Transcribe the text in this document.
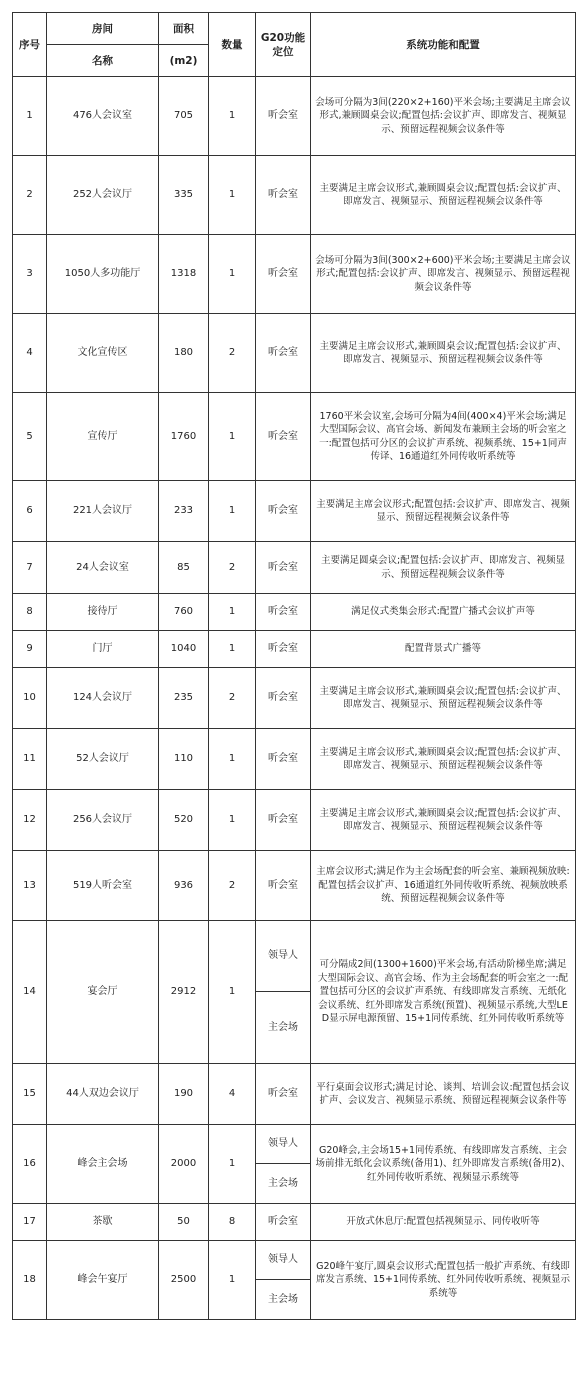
序号	房间	面积	数量	G20功能定位	系统功能和配置
	名称	(m2)			
1	476人会议室	705	1	听会室	会场可分隔为3间(220×2+160)平米会场;主要满足主席会议形式,兼顾圆桌会议;配置包括:会议扩声、即席发言、视频显示、预留远程视频会议条件等
2	252人会议厅	335	1	听会室	主要满足主席会议形式,兼顾圆桌会议;配置包括:会议扩声、即席发言、视频显示、预留远程视频会议条件等
3	1050人多功能厅	1318	1	听会室	会场可分隔为3间(300×2+600)平米会场;主要满足主席会议形式;配置包括:会议扩声、即席发言、视频显示、预留远程视频会议条件等
4	文化宣传区	180	2	听会室	主要满足主席会议形式,兼顾圆桌会议;配置包括:会议扩声、即席发言、视频显示、预留远程视频会议条件等
5	宣传厅	1760	1	听会室	1760平米会议室,会场可分隔为4间(400×4)平米会场;满足大型国际会议、高官会场、新闻发布兼顾主会场的听会室之一:配置包括可分区的会议扩声系统、视频系统、15+1同声传译、16通道红外同传收听系统等
6	221人会议厅	233	1	听会室	主要满足主席会议形式;配置包括:会议扩声、即席发言、视频显示、预留远程视频会议条件等
7	24人会议室	85	2	听会室	主要满足圆桌会议;配置包括:会议扩声、即席发言、视频显示、预留远程视频会议条件等
8	接待厅	760	1	听会室	满足仪式类集会形式:配置广播式会议扩声等
9	门厅	1040	1	听会室	配置背景式广播等
10	124人会议厅	235	2	听会室	主要满足主席会议形式,兼顾圆桌会议;配置包括:会议扩声、即席发言、视频显示、预留远程视频会议条件等
11	52人会议厅	110	1	听会室	主要满足主席会议形式,兼顾圆桌会议;配置包括:会议扩声、即席发言、视频显示、预留远程视频会议条件等
12	256人会议厅	520	1	听会室	主要满足主席会议形式,兼顾圆桌会议;配置包括:会议扩声、即席发言、视频显示、预留远程视频会议条件等
13	519人听会室	936	2	听会室	主席会议形式;满足作为主会场配套的听会室、兼顾视频放映:配置包括会议扩声、16通道红外同传收听系统、视频放映系统、预留远程视频会议条件等
14	宴会厅	2912	1	领导人	可分隔成2间(1300+1600)平米会场,有活动阶梯坐席;满足大型国际会议、高官会场、作为主会场配套的听会室之一:配置包括可分区的会议扩声系统、有线即席发言系统、无纸化会议系统、红外即席发言系统(预置)、视频显示系统,大型LED显示屏电源预留、15+1同传系统、红外同传收听系统等
				主会场	
15	44人双边会议厅	190	4	听会室	平行桌面会议形式;满足讨论、谈判、培训会议:配置包括会议扩声、会议发言、视频显示系统、预留远程视频会议条件等
16	峰会主会场	2000	1	领导人	G20峰会,主会场15+1同传系统、有线即席发言系统、主会场前排无纸化会议系统(备用1)、红外即席发言系统(备用2)、红外同传收听系统、视频显示系统等
				主会场	
17	茶歇	50	8	听会室	开放式休息厅:配置包括视频显示、同传收听等
18	峰会午宴厅	2500	1	领导人	G20峰午宴厅,圆桌会议形式;配置包括一般扩声系统、有线即席发言系统、15+1同传系统、红外同传收听系统、视频显示系统等
				主会场	
